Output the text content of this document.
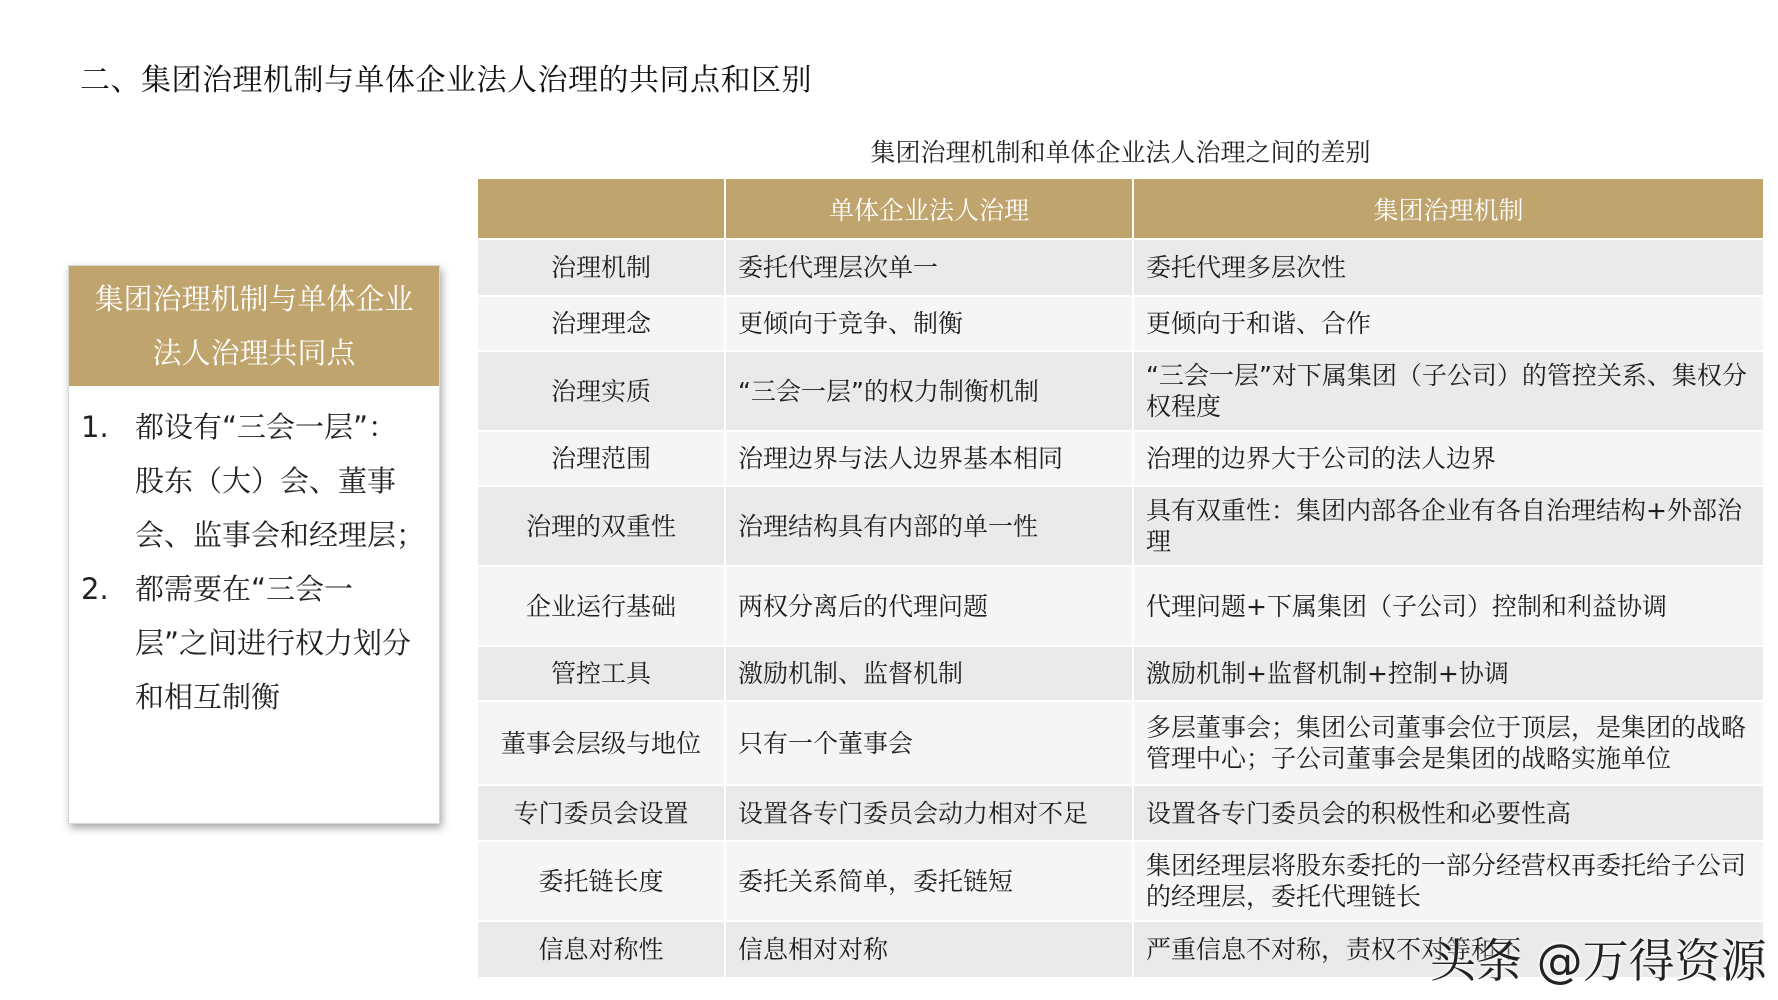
二、集团治理机制与单体企业法人治理的共同点和区别
集团治理机制与单体企业法人治理共同点
1. 都设有“三会一层”：股东（大）会、董事会、监事会和经理层；
2. 都需要在“三会一层”之间进行权力划分和相互制衡
集团治理机制和单体企业法人治理之间的差别
	单体企业法人治理	集团治理机制
治理机制	委托代理层次单一	委托代理多层次性
治理理念	更倾向于竞争、制衡	更倾向于和谐、合作
治理实质	“三会一层”的权力制衡机制	“三会一层”对下属集团（子公司）的管控关系、集权分权程度
治理范围	治理边界与法人边界基本相同	治理的边界大于公司的法人边界
治理的双重性	治理结构具有内部的单一性	具有双重性：集团内部各企业有各自治理结构+外部治理
企业运行基础	两权分离后的代理问题	代理问题+下属集团（子公司）控制和利益协调
管控工具	激励机制、监督机制	激励机制+监督机制+控制+协调
董事会层级与地位	只有一个董事会	多层董事会；集团公司董事会位于顶层，是集团的战略管理中心；子公司董事会是集团的战略实施单位
专门委员会设置	设置各专门委员会动力相对不足	设置各专门委员会的积极性和必要性高
委托链长度	委托关系简单，委托链短	集团经理层将股东委托的一部分经营权再委托给子公司的经理层，委托代理链长
信息对称性	信息相对对称	严重信息不对称，责权不对等和不
头条 @万得资源
